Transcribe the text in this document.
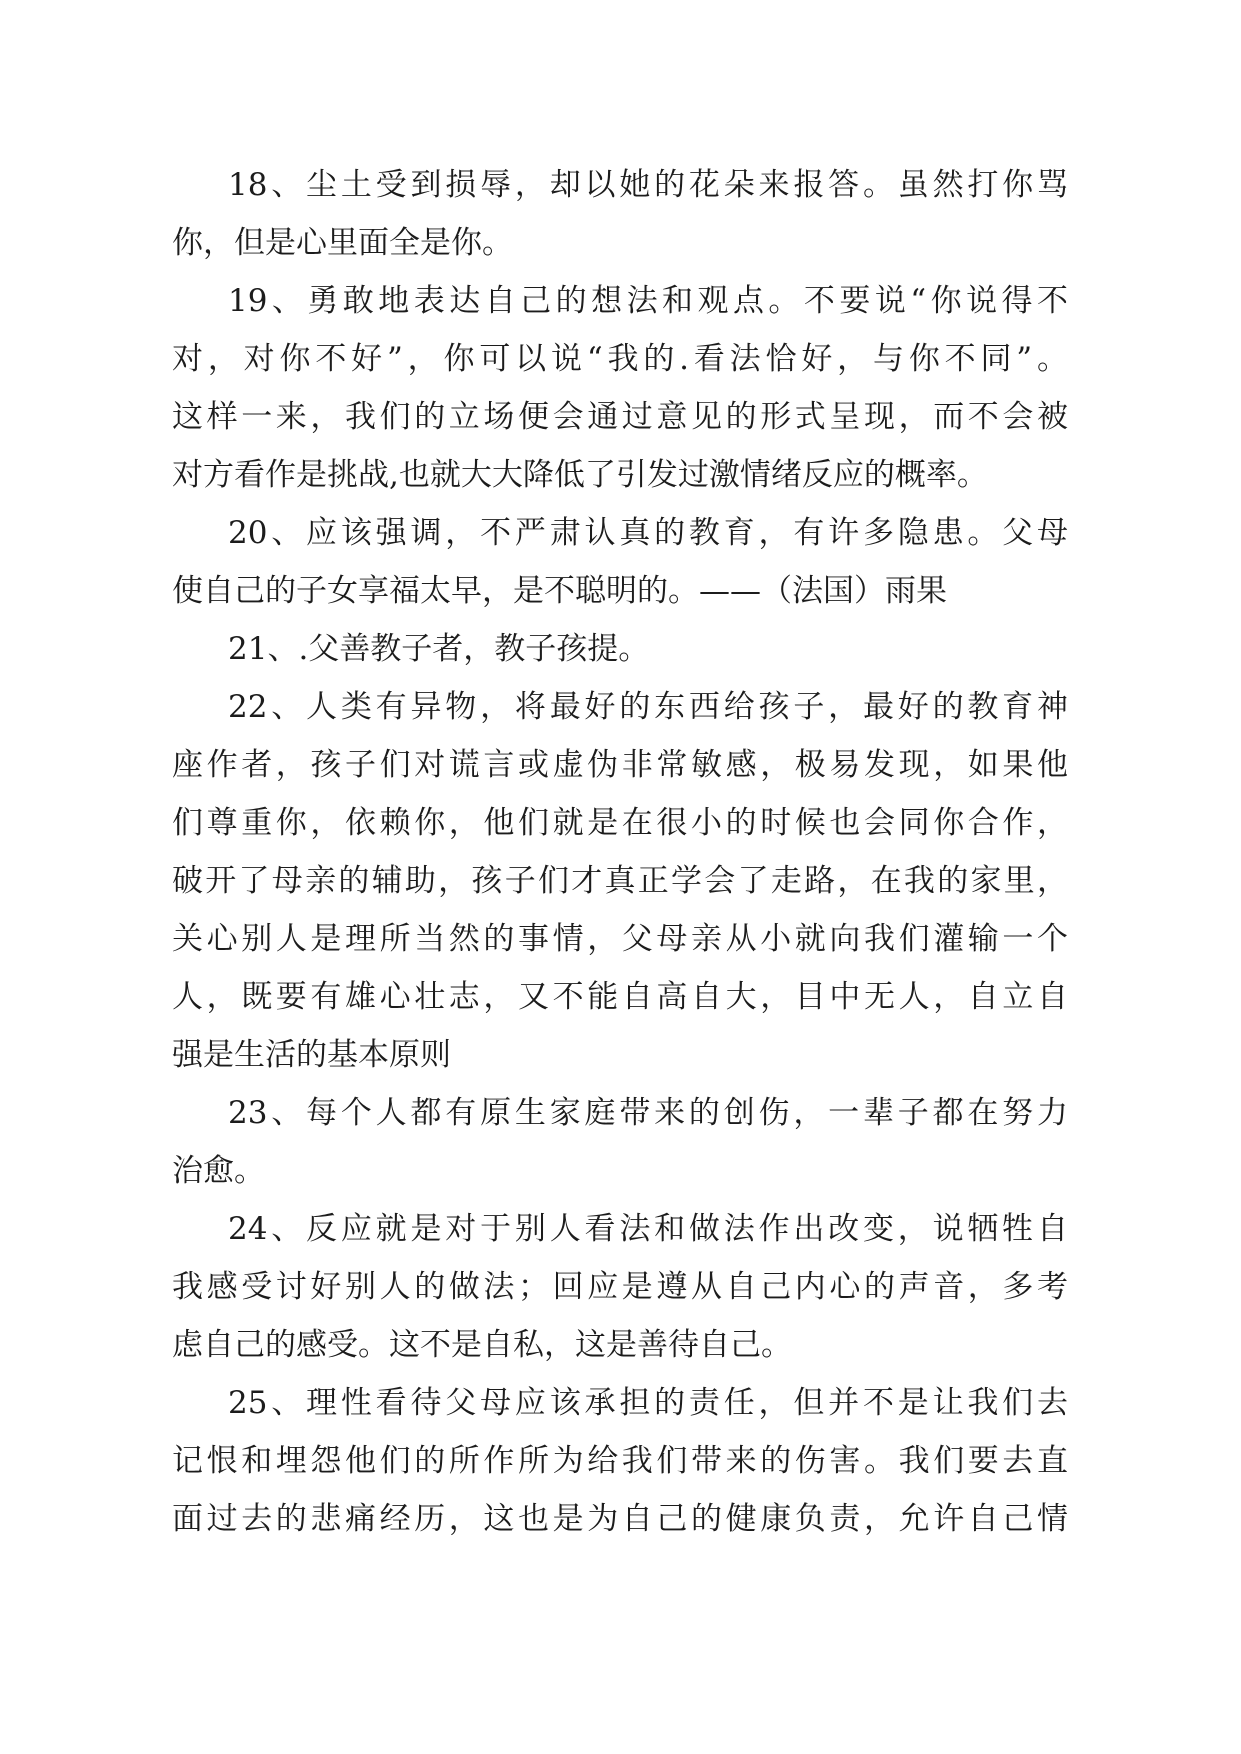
18、尘土受到损辱，却以她的花朵来报答。虽然打你骂
你，但是心里面全是你。
19、勇敢地表达自己的想法和观点。不要说“你说得不
对，对你不好”，你可以说“我的.看法恰好，与你不同”。
这样一来，我们的立场便会通过意见的形式呈现，而不会被
对方看作是挑战,也就大大降低了引发过激情绪反应的概率。
20、应该强调，不严肃认真的教育，有许多隐患。父母
使自己的子女享福太早，是不聪明的。——（法国）雨果
21、.父善教子者，教子孩提。
22、人类有异物，将最好的东西给孩子，最好的教育神
座作者，孩子们对谎言或虚伪非常敏感，极易发现，如果他
们尊重你，依赖你，他们就是在很小的时候也会同你合作，
破开了母亲的辅助，孩子们才真正学会了走路，在我的家里，
关心别人是理所当然的事情，父母亲从小就向我们灌输一个
人，既要有雄心壮志，又不能自高自大，目中无人，自立自
强是生活的基本原则
23、每个人都有原生家庭带来的创伤，一辈子都在努力
治愈。
24、反应就是对于别人看法和做法作出改变，说牺牲自
我感受讨好别人的做法；回应是遵从自己内心的声音，多考
虑自己的感受。这不是自私，这是善待自己。
25、理性看待父母应该承担的责任，但并不是让我们去
记恨和埋怨他们的所作所为给我们带来的伤害。我们要去直
面过去的悲痛经历，这也是为自己的健康负责，允许自己情
